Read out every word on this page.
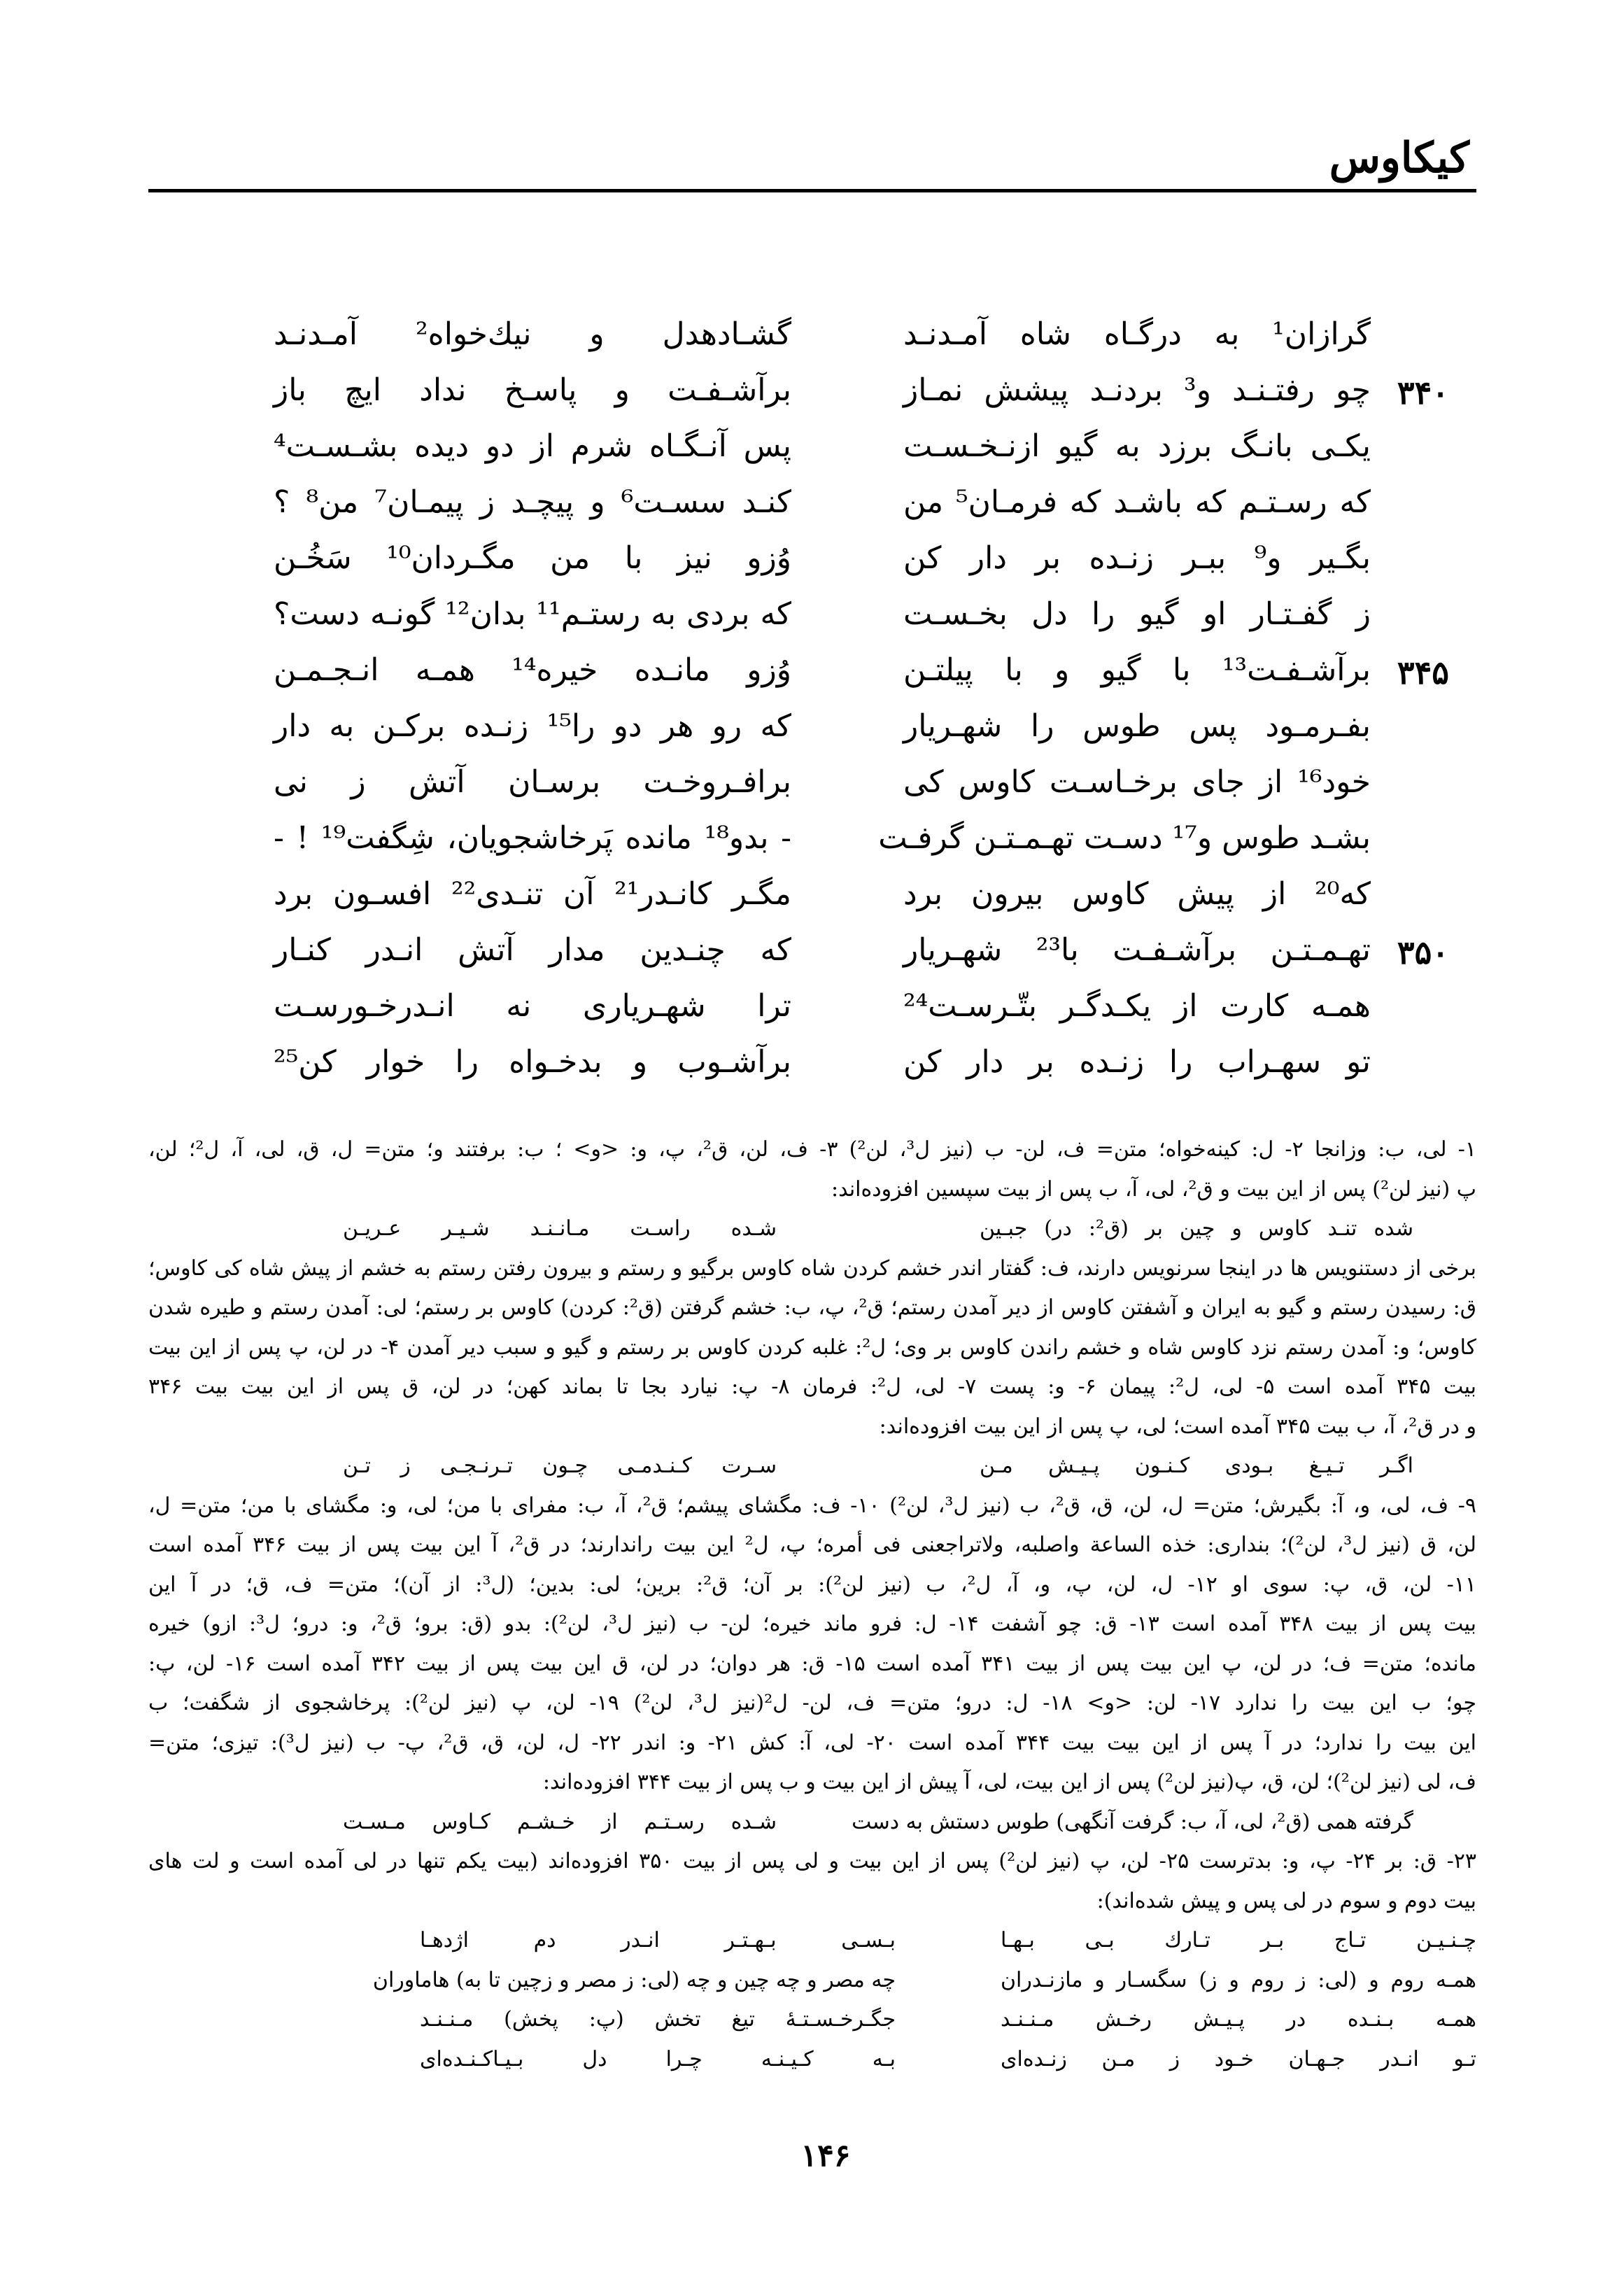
کیکاوس
گرازان¹ به درگـاه شاه آمـدنـد
گشـادهدل و نیك‌خواه² آمـدنـد
۳۴۰
چو رفتـنـد و³ بردنـد پیشش نمـاز
برآشـفـت و پاسـخ نداد ایچ باز
یکـی بانـگ برزد به گیو ازنـخـسـت
پس آنـگـاه شرم از دو دیده بشـسـت⁴
که رسـتـم که باشـد که فرمـان⁵ من
کنـد سسـت⁶ و پیچـد ز پیمـان⁷ من⁸ ؟
بگـیر و⁹ ببـر زنـده بر دار کن
وُزو نیز با من مگـردان¹⁰ سَخُـن
ز گفـتـار او گیو را دل بخـسـت
که بردی به رستـم¹¹ بدان¹² گونـه دست؟
۳۴۵
برآشـفـت¹³ با گیو و با پیلتـن
وُزو مانـده خیره¹⁴ همـه انـجـمـن
بفـرمـود پس طوس را شهـریار
که رو هر دو را¹⁵ زنـده برکـن به دار
خود¹⁶ از جای برخـاسـت کاوس کی
برافـروخـت برسـان آتش ز نی
بشـد طوس و¹⁷ دسـت تهـمـتـن گرفـت
- بدو¹⁸ مانده پَرخاشجویان، شِگفت¹⁹ ! -
که²⁰ از پیش کاوس بیرون برد
مگـر کانـدر²¹ آن تنـدی²² افسـون برد
۳۵۰
تهـمـتـن برآشـفـت با²³ شهـریار
که چنـدین مدار آتش انـدر کنـار
همـه کارت از یکـدگـر بتّـرسـت²⁴
ترا شهـریاری نه انـدرخـورسـت
تو سهـراب را زنـده بر دار کن
برآشـوب و بدخـواه را خوار کن²⁵
۱- لی، ب: وزانجا ۲- ل: کینه‌خواه؛ متن= ف، لن- ب (نیز ل³، لن²) ۳- ف، لن، ق²، پ، و: <و> ؛ ب: برفتند و؛ متن= ل، ق، لی، آ، ل²؛ لن،
پ (نیز لن²) پس از این بیت و ق²، لی، آ، ب پس از بیت سپسین افزوده‌اند:
شده تنـد کاوس و چین بر (ق²: در) جبـین
شـده راسـت مـانـنـد شـیـر عـریـن
برخی از دستنویس ها در اینجا سرنویس دارند، ف: گفتار اندر خشم کردن شاه کاوس برگیو و رستم و بیرون رفتن رستم به خشم از پیش شاه کی کاوس؛
ق: رسیدن رستم و گیو به ایران و آشفتن کاوس از دیر آمدن رستم؛ ق²، پ، ب: خشم گرفتن (ق²: کردن) کاوس بر رستم؛ لی: آمدن رستم و طیره شدن
کاوس؛ و: آمدن رستم نزد کاوس شاه و خشم راندن کاوس بر وی؛ ل²: غلبه کردن کاوس بر رستم و گیو و سبب دیر آمدن ۴- در لن، پ پس از این بیت
بیت ۳۴۵ آمده است ۵- لی، ل²: پیمان ۶- و: پست ۷- لی، ل²: فرمان ۸- پ: نیارد بجا تا بماند کهن؛ در لن، ق پس از این بیت بیت ۳۴۶
و در ق²، آ، ب بیت ۳۴۵ آمده است؛ لی، پ پس از این بیت افزوده‌اند:
اگـر تـیـغ بـودی کـنـون پـیـش مـن
سـرت کـنـدمـی چـون تـرنـجـی ز تـن
۹- ف، لی، و، آ: بگیرش؛ متن= ل، لن، ق، ق²، ب (نیز ل³، لن²) ۱۰- ف: مگشای پیشم؛ ق²، آ، ب: مفرای با من؛ لی، و: مگشای با من؛ متن= ل،
لن، ق (نیز ل³، لن²)؛ بنداری: خذه الساعة واصلبه، ولاتراجعنی فی أمره؛ پ، ل² این بیت راندارند؛ در ق²، آ این بیت پس از بیت ۳۴۶ آمده است
۱۱- لن، ق، پ: سوی او ۱۲- ل، لن، پ، و، آ، ل²، ب (نیز لن²): بر آن؛ ق²: برین؛ لی: بدین؛ (ل³: از آن)؛ متن= ف، ق؛ در آ این
بیت پس از بیت ۳۴۸ آمده است ۱۳- ق: چو آشفت ۱۴- ل: فرو ماند خیره؛ لن- ب (نیز ل³، لن²): بدو (ق: برو؛ ق²، و: درو؛ ل³: ازو) خیره
مانده؛ متن= ف؛ در لن، پ این بیت پس از بیت ۳۴۱ آمده است ۱۵- ق: هر دوان؛ در لن، ق این بیت پس از بیت ۳۴۲ آمده است ۱۶- لن، پ:
چو؛ ب این بیت را ندارد ۱۷- لن: <و> ۱۸- ل: درو؛ متن= ف، لن- ل²(نیز ل³، لن²) ۱۹- لن، پ (نیز لن²): پرخاشجوی از شگفت؛ ب
این بیت را ندارد؛ در آ پس از این بیت بیت ۳۴۴ آمده است ۲۰- لی، آ: کش ۲۱- و: اندر ۲۲- ل، لن، ق، ق²، پ- ب (نیز ل³): تیزی؛ متن=
ف، لی (نیز لن²)؛ لن، ق، پ(نیز لن²) پس از این بیت، لی، آ پیش از این بیت و ب پس از بیت ۳۴۴ افزوده‌اند:
گرفته همی (ق²، لی، آ، ب: گرفت آنگهی) طوس دستش به دست
شـده رسـتـم از خـشـم کـاوس مـسـت
۲۳- ق: بر ۲۴- پ، و: بدترست ۲۵- لن، پ (نیز لن²) پس از این بیت و لی پس از بیت ۳۵۰ افزوده‌اند (بیت یکم تنها در لی آمده است و لت های
بیت دوم و سوم در لی پس و پیش شده‌اند):
چـنـیـن تـاج بـر تـارك بـی بـهـا
بـسـی بـهـتـر انـدر دم اژدهـا
همـه روم و (لی: ز روم و ز) سگسـار و مازنـدران
چه مصر و چه چین و چه (لی: ز مصر و زچین تا به) هاماوران
همـه بـنـده در پـیـش رخـش مـنـنـد
جگـرخـسـتـهٔ تیغ تخش (پ: پخش) مـنـنـد
تـو انـدر جـهـان خـود ز مـن زنـده‌ای
بـه کـیـنـه چـرا دل بـیـاکـنـده‌ای
۱۴۶
